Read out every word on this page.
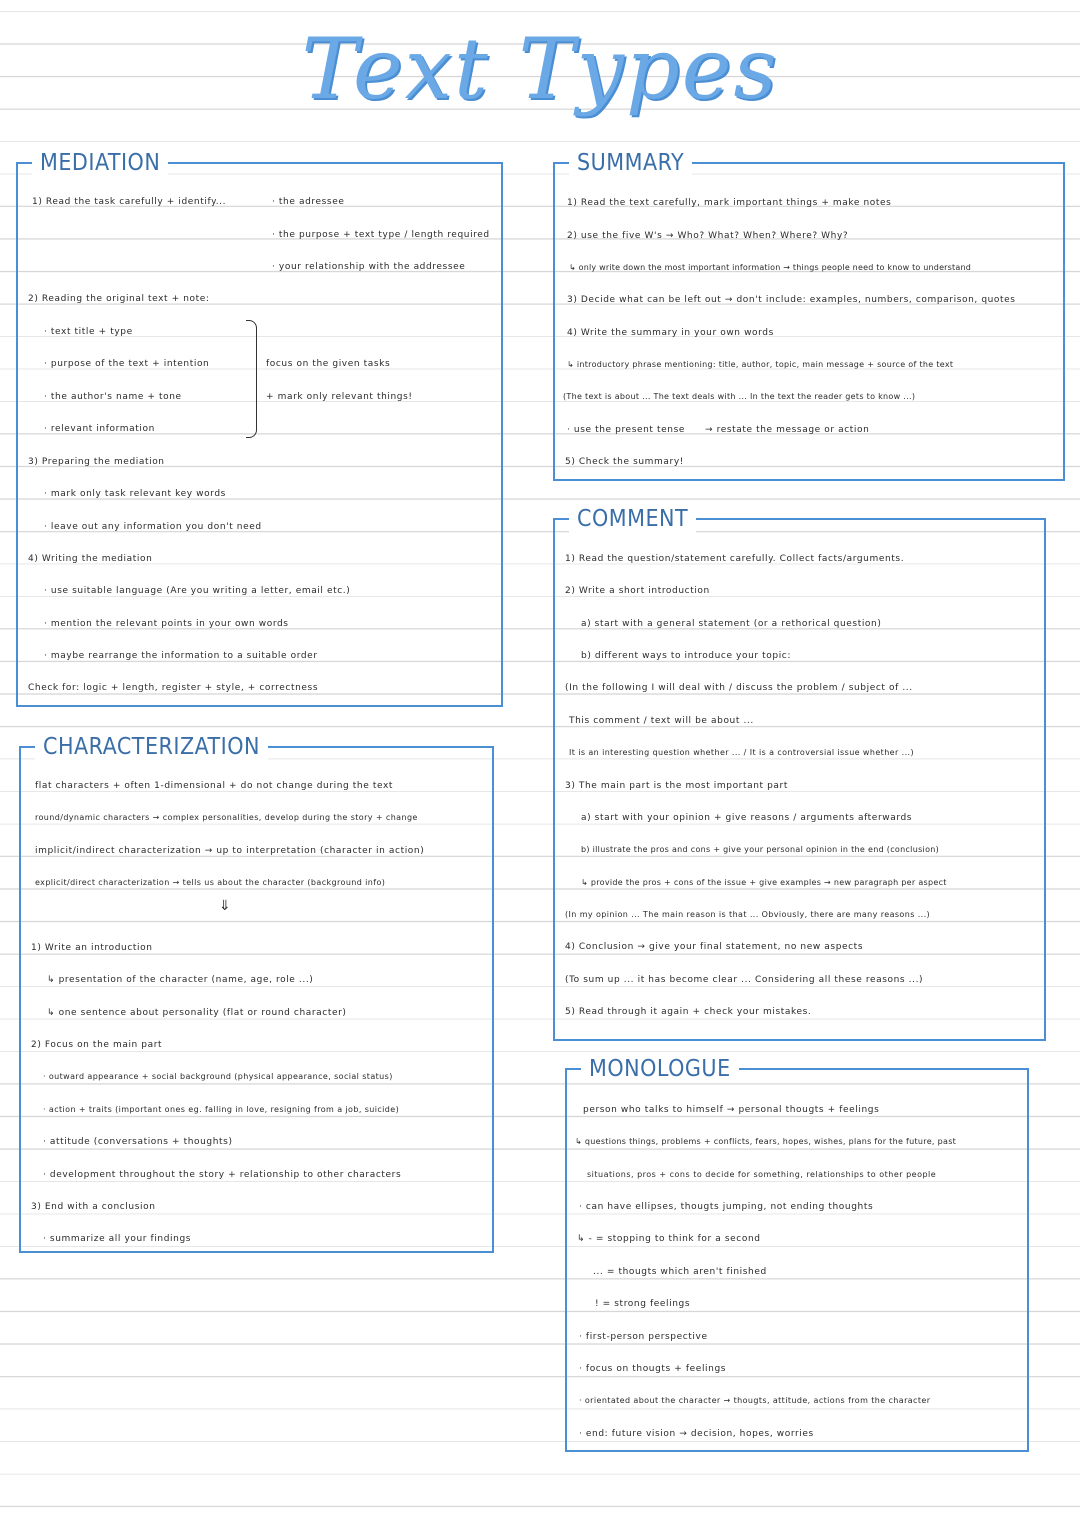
Text Types
MEDIATION
1) Read the task carefully + identify...	· the adressee
· the purpose + text type / length required
· your relationship with the addressee
2) Reading the original text + note:
· text title + type
· purpose of the text + intention
· the author's name + tone
· relevant information
focus on the given tasks
+ mark only relevant things!
3) Preparing the mediation
· mark only task relevant key words
· leave out any information you don't need
4) Writing the mediation
· use suitable language (Are you writing a letter, email etc.)
· mention the relevant points in your own words
· maybe rearrange the information to a suitable order
Check for: logic + length, register + style, + correctness
SUMMARY
1) Read the text carefully, mark important things + make notes
2) use the five W's → Who? What? When? Where? Why?
↳ only write down the most important information → things people need to know to understand
3) Decide what can be left out → don't include: examples, numbers, comparison, quotes
4) Write the summary in your own words
↳ introductory phrase mentioning: title, author, topic, main message + source of the text
(The text is about ... The text deals with ... In the text the reader gets to know ...)
· use the present tense → restate the message or action
5) Check the summary!
COMMENT
1) Read the question/statement carefully. Collect facts/arguments.
2) Write a short introduction
a) start with a general statement (or a rethorical question)
b) different ways to introduce your topic:
(In the following I will deal with / discuss the problem / subject of ...
This comment / text will be about ...
It is an interesting question whether ... / It is a controversial issue whether ...)
3) The main part is the most important part
a) start with your opinion + give reasons / arguments afterwards
b) illustrate the pros and cons + give your personal opinion in the end (conclusion)
↳ provide the pros + cons of the issue + give examples → new paragraph per aspect
(In my opinion ... The main reason is that ... Obviously, there are many reasons ...)
4) Conclusion → give your final statement, no new aspects
(To sum up ... it has become clear ... Considering all these reasons ...)
5) Read through it again + check your mistakes.
CHARACTERIZATION
flat characters + often 1-dimensional + do not change during the text
round/dynamic characters → complex personalities, develop during the story + change
implicit/indirect characterization → up to interpretation (character in action)
explicit/direct characterization → tells us about the character (background info)
⇓
1) Write an introduction
↳ presentation of the character (name, age, role ...)
↳ one sentence about personality (flat or round character)
2) Focus on the main part
· outward appearance + social background (physical appearance, social status)
· action + traits (important ones eg. falling in love, resigning from a job, suicide)
· attitude (conversations + thoughts)
· development throughout the story + relationship to other characters
3) End with a conclusion
· summarize all your findings
MONOLOGUE
person who talks to himself → personal thougts + feelings
↳ questions things, problems + conflicts, fears, hopes, wishes, plans for the future, past
situations, pros + cons to decide for something, relationships to other people
· can have ellipses, thougts jumping, not ending thoughts
↳ - = stopping to think for a second
... = thougts which aren't finished
! = strong feelings
· first-person perspective
· focus on thougts + feelings
· orientated about the character → thougts, attitude, actions from the character
· end: future vision → decision, hopes, worries
